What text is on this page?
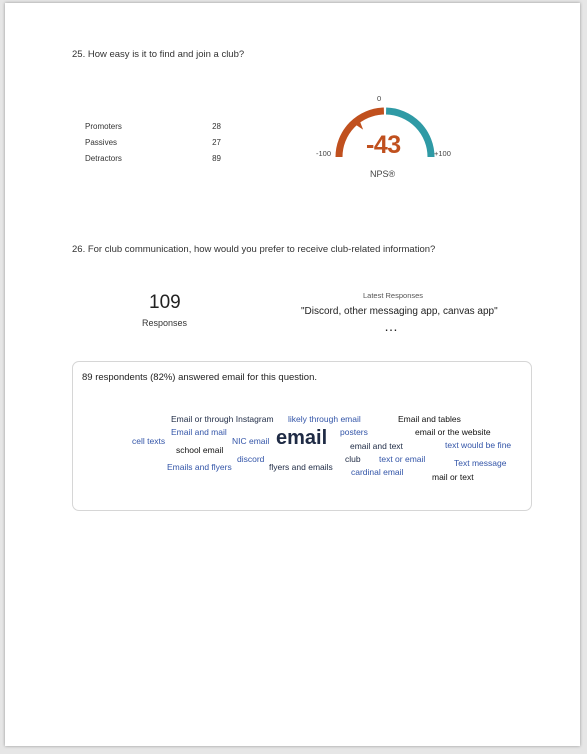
25. How easy is it to find and join a club?
Promoters	28
Passives	27
Detractors	89
0
-100	+100
-43
NPS®
26. For club communication, how would you prefer to receive club-related information?
109
Responses
Latest Responses
"Discord, other messaging app, canvas app"
…
89 respondents (82%) answered email for this question.
Email or through Instagram likely through email	Email and tables
Email and mail	posters	email or the website
cell texts	NIC email email	email and text	text would be fine
school email
discord	club text or email	Text message
Emails and flyers	flyers and emails cardinal email	mail or text
